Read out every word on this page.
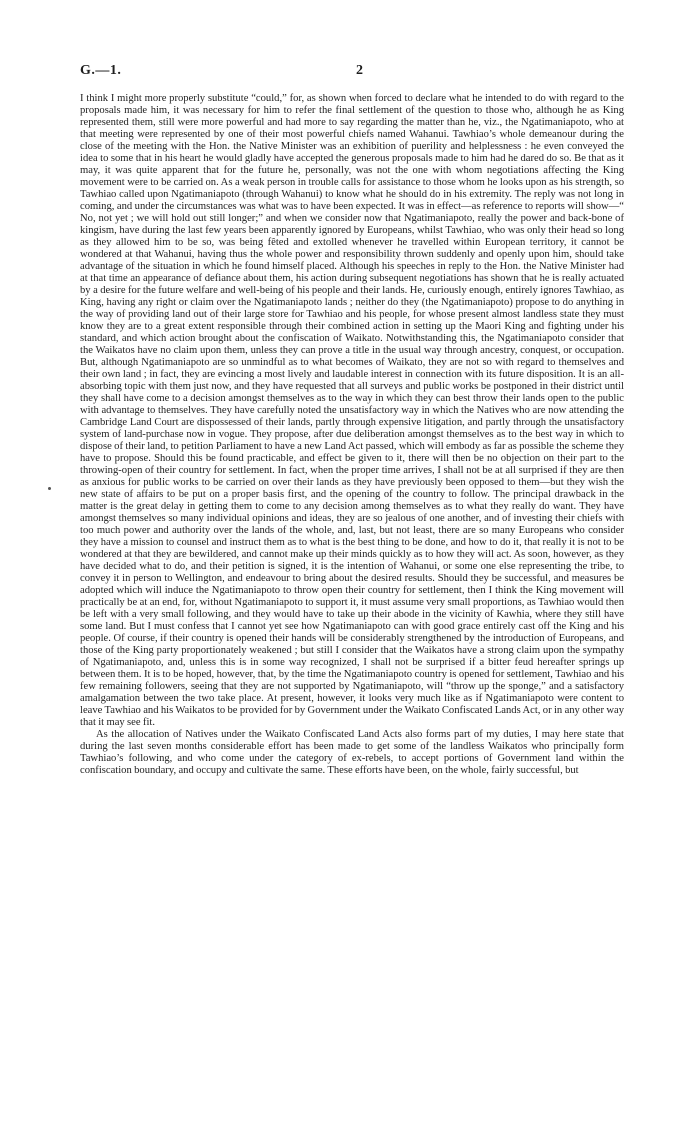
G.—1.	2

I think I might more properly substitute “could,” for, as shown when forced to declare what he intended to do with regard to the proposals made him, it was necessary for him to refer the final settlement of the question to those who, although he as King represented them, still were more powerful and had more to say regarding the matter than he, viz., the Ngatimaniapoto, who at that meeting were represented by one of their most powerful chiefs named Wahanui. Tawhiao’s whole demeanour during the close of the meeting with the Hon. the Native Minister was an exhibition of puerility and helplessness : he even conveyed the idea to some that in his heart he would gladly have accepted the generous proposals made to him had he dared do so. Be that as it may, it was quite apparent that for the future he, personally, was not the one with whom negotiations affecting the King movement were to be carried on. As a weak person in trouble calls for assistance to those whom he looks upon as his strength, so Tawhiao called upon Ngatimaniapoto (through Wahanui) to know what he should do in his extremity. The reply was not long in coming, and under the circumstances was what was to have been expected. It was in effect—as reference to reports will show—“ No, not yet ; we will hold out still longer;” and when we consider now that Ngatimaniapoto, really the power and back-bone of kingism, have during the last few years been apparently ignored by Europeans, whilst Tawhiao, who was only their head so long as they allowed him to be so, was being fêted and extolled whenever he travelled within European territory, it cannot be wondered at that Wahanui, having thus the whole power and responsibility thrown suddenly and openly upon him, should take advantage of the situation in which he found himself placed. Although his speeches in reply to the Hon. the Native Minister had at that time an appearance of defiance about them, his action during subsequent negotiations has shown that he is really actuated by a desire for the future welfare and well-being of his people and their lands. He, curiously enough, entirely ignores Tawhiao, as King, having any right or claim over the Ngatimaniapoto lands ; neither do they (the Ngatimaniapoto) propose to do anything in the way of providing land out of their large store for Tawhiao and his people, for whose present almost landless state they must know they are to a great extent responsible through their combined action in setting up the Maori King and fighting under his standard, and which action brought about the confiscation of Waikato. Notwithstanding this, the Ngatimaniapoto consider that the Waikatos have no claim upon them, unless they can prove a title in the usual way through ancestry, conquest, or occupation. But, although Ngatimaniapoto are so unmindful as to what becomes of Waikato, they are not so with regard to themselves and their own land ; in fact, they are evincing a most lively and laudable interest in connection with its future disposition. It is an all-absorbing topic with them just now, and they have requested that all surveys and public works be postponed in their district until they shall have come to a decision amongst themselves as to the way in which they can best throw their lands open to the public with advantage to themselves. They have carefully noted the unsatisfactory way in which the Natives who are now attending the Cambridge Land Court are dispossessed of their lands, partly through expensive litigation, and partly through the unsatisfactory system of land-purchase now in vogue. They propose, after due deliberation amongst themselves as to the best way in which to dispose of their land, to petition Parliament to have a new Land Act passed, which will embody as far as possible the scheme they have to propose. Should this be found practicable, and effect be given to it, there will then be no objection on their part to the throwing-open of their country for settlement. In fact, when the proper time arrives, I shall not be at all surprised if they are then as anxious for public works to be carried on over their lands as they have previously been opposed to them—but they wish the new state of affairs to be put on a proper basis first, and the opening of the country to follow. The principal drawback in the matter is the great delay in getting them to come to any decision among themselves as to what they really do want. They have amongst themselves so many individual opinions and ideas, they are so jealous of one another, and of investing their chiefs with too much power and authority over the lands of the whole, and, last, but not least, there are so many Europeans who consider they have a mission to counsel and instruct them as to what is the best thing to be done, and how to do it, that really it is not to be wondered at that they are bewildered, and cannot make up their minds quickly as to how they will act. As soon, however, as they have decided what to do, and their petition is signed, it is the intention of Wahanui, or some one else representing the tribe, to convey it in person to Wellington, and endeavour to bring about the desired results. Should they be successful, and measures be adopted which will induce the Ngatimaniapoto to throw open their country for settlement, then I think the King movement will practically be at an end, for, without Ngatimaniapoto to support it, it must assume very small proportions, as Tawhiao would then be left with a very small following, and they would have to take up their abode in the vicinity of Kawhia, where they still have some land. But I must confess that I cannot yet see how Ngatimaniapoto can with good grace entirely cast off the King and his people. Of course, if their country is opened their hands will be considerably strengthened by the introduction of Europeans, and those of the King party proportionately weakened ; but still I consider that the Waikatos have a strong claim upon the sympathy of Ngatimaniapoto, and, unless this is in some way recognized, I shall not be surprised if a bitter feud hereafter springs up between them. It is to be hoped, however, that, by the time the Ngatimaniapoto country is opened for settlement, Tawhiao and his few remaining followers, seeing that they are not supported by Ngatimaniapoto, will “throw up the sponge,” and a satisfactory amalgamation between the two take place. At present, however, it looks very much like as if Ngatimaniapoto were content to leave Tawhiao and his Waikatos to be provided for by Government under the Waikato Confiscated Lands Act, or in any other way that it may see fit.

As the allocation of Natives under the Waikato Confiscated Land Acts also forms part of my duties, I may here state that during the last seven months considerable effort has been made to get some of the landless Waikatos who principally form Tawhiao’s following, and who come under the category of ex-rebels, to accept portions of Government land within the confiscation boundary, and occupy and cultivate the same. These efforts have been, on the whole, fairly successful, but
